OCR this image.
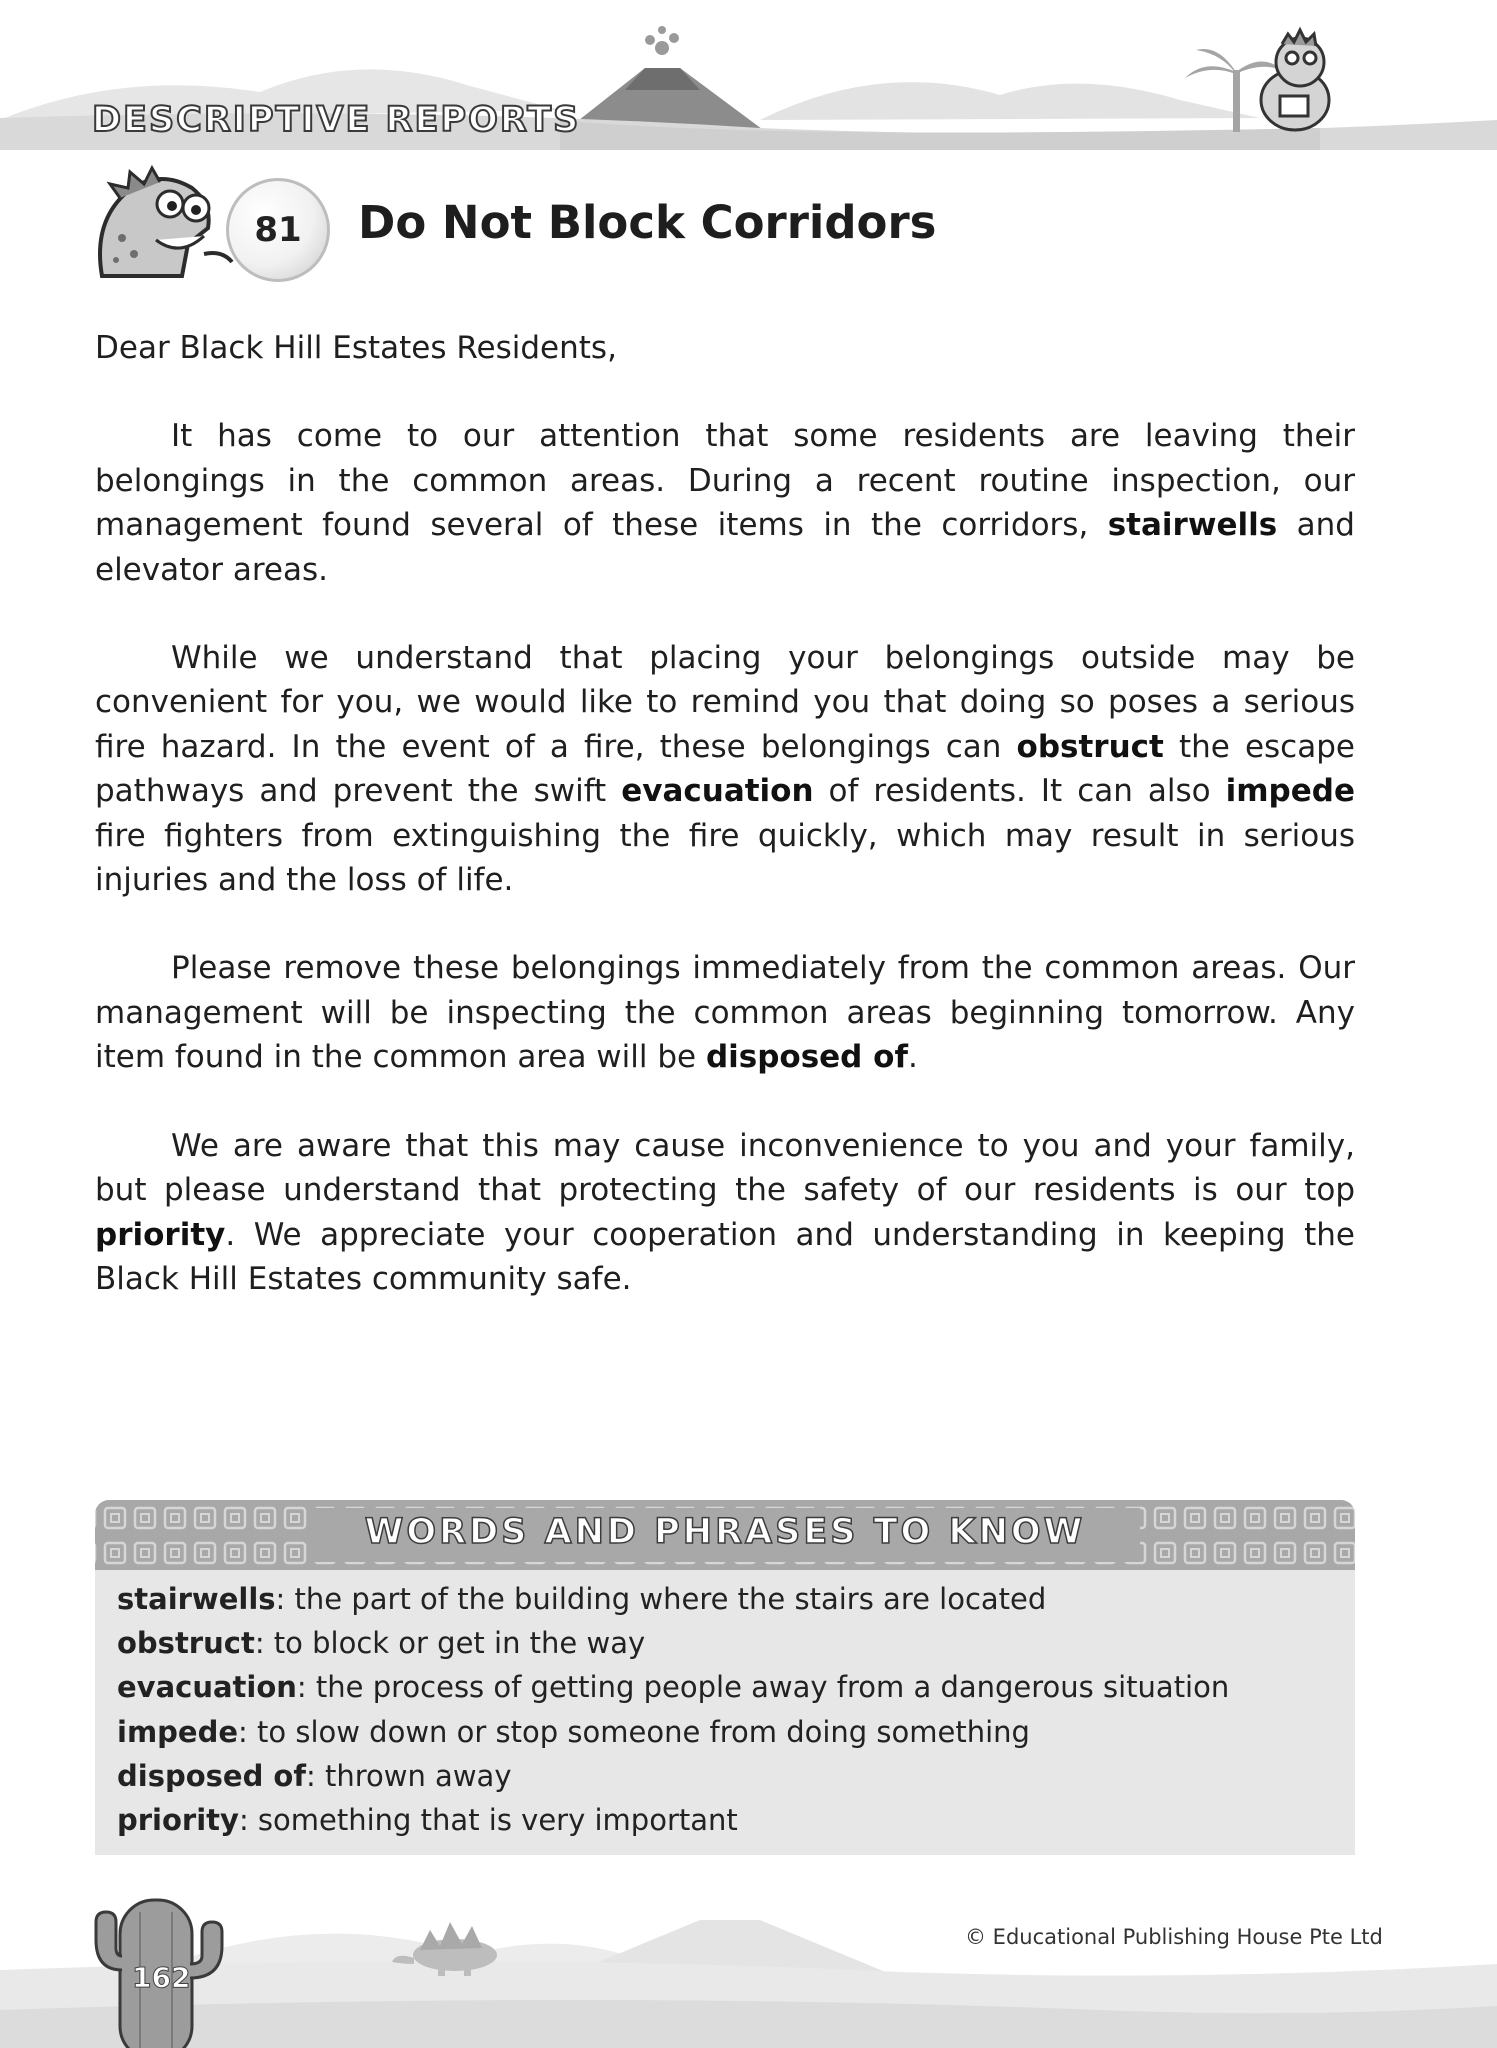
DESCRIPTIVE REPORTS
81	Do Not Block Corridors

Dear Black Hill Estates Residents,

It has come to our attention that some residents are leaving their belongings in the common areas. During a recent routine inspection, our management found several of these items in the corridors, stairwells and elevator areas.

While we understand that placing your belongings outside may be convenient for you, we would like to remind you that doing so poses a serious fire hazard. In the event of a fire, these belongings can obstruct the escape pathways and prevent the swift evacuation of residents. It can also impede fire fighters from extinguishing the fire quickly, which may result in serious injuries and the loss of life.

Please remove these belongings immediately from the common areas. Our management will be inspecting the common areas beginning tomorrow. Any item found in the common area will be disposed of.

We are aware that this may cause inconvenience to you and your family, but please understand that protecting the safety of our residents is our top priority. We appreciate your cooperation and understanding in keeping the Black Hill Estates community safe.

WORDS AND PHRASES TO KNOW
stairwells: the part of the building where the stairs are located
obstruct: to block or get in the way
evacuation: the process of getting people away from a dangerous situation
impede: to slow down or stop someone from doing something
disposed of: thrown away
priority: something that is very important
162
© Educational Publishing House Pte Ltd
